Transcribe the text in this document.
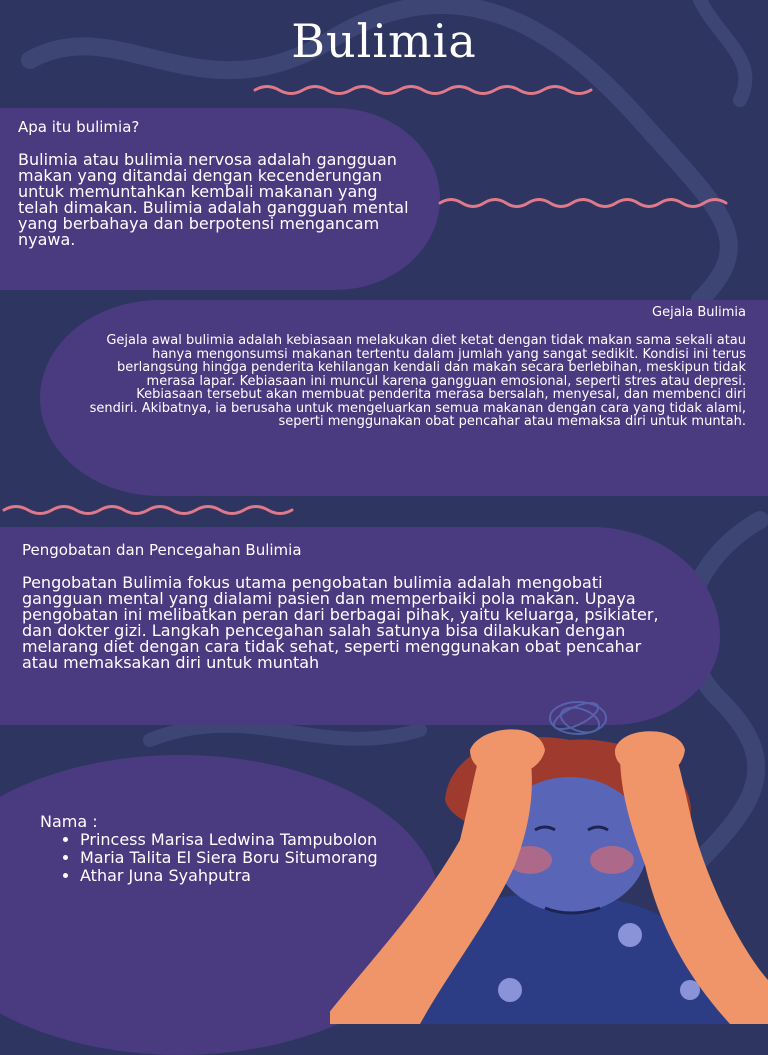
Bulimia
Apa itu bulimia?
Bulimia atau bulimia nervosa adalah gangguan makan yang ditandai dengan kecenderungan untuk memuntahkan kembali makanan yang telah dimakan. Bulimia adalah gangguan mental yang berbahaya dan berpotensi mengancam nyawa.
Gejala Bulimia
Gejala awal bulimia adalah kebiasaan melakukan diet ketat dengan tidak makan sama sekali atau hanya mengonsumsi makanan tertentu dalam jumlah yang sangat sedikit. Kondisi ini terus berlangsung hingga penderita kehilangan kendali dan makan secara berlebihan, meskipun tidak merasa lapar. Kebiasaan ini muncul karena gangguan emosional, seperti stres atau depresi. Kebiasaan tersebut akan membuat penderita merasa bersalah, menyesal, dan membenci diri sendiri. Akibatnya, ia berusaha untuk mengeluarkan semua makanan dengan cara yang tidak alami, seperti menggunakan obat pencahar atau memaksa diri untuk muntah.
Pengobatan dan Pencegahan Bulimia
Pengobatan Bulimia fokus utama pengobatan bulimia adalah mengobati gangguan mental yang dialami pasien dan memperbaiki pola makan. Upaya pengobatan ini melibatkan peran dari berbagai pihak, yaitu keluarga, psikiater, dan dokter gizi. Langkah pencegahan salah satunya bisa dilakukan dengan melarang diet dengan cara tidak sehat, seperti menggunakan obat pencahar atau memaksakan diri untuk muntah
Nama :
• Princess Marisa Ledwina Tampubolon
• Maria Talita El Siera Boru Situmorang
• Athar Juna Syahputra
